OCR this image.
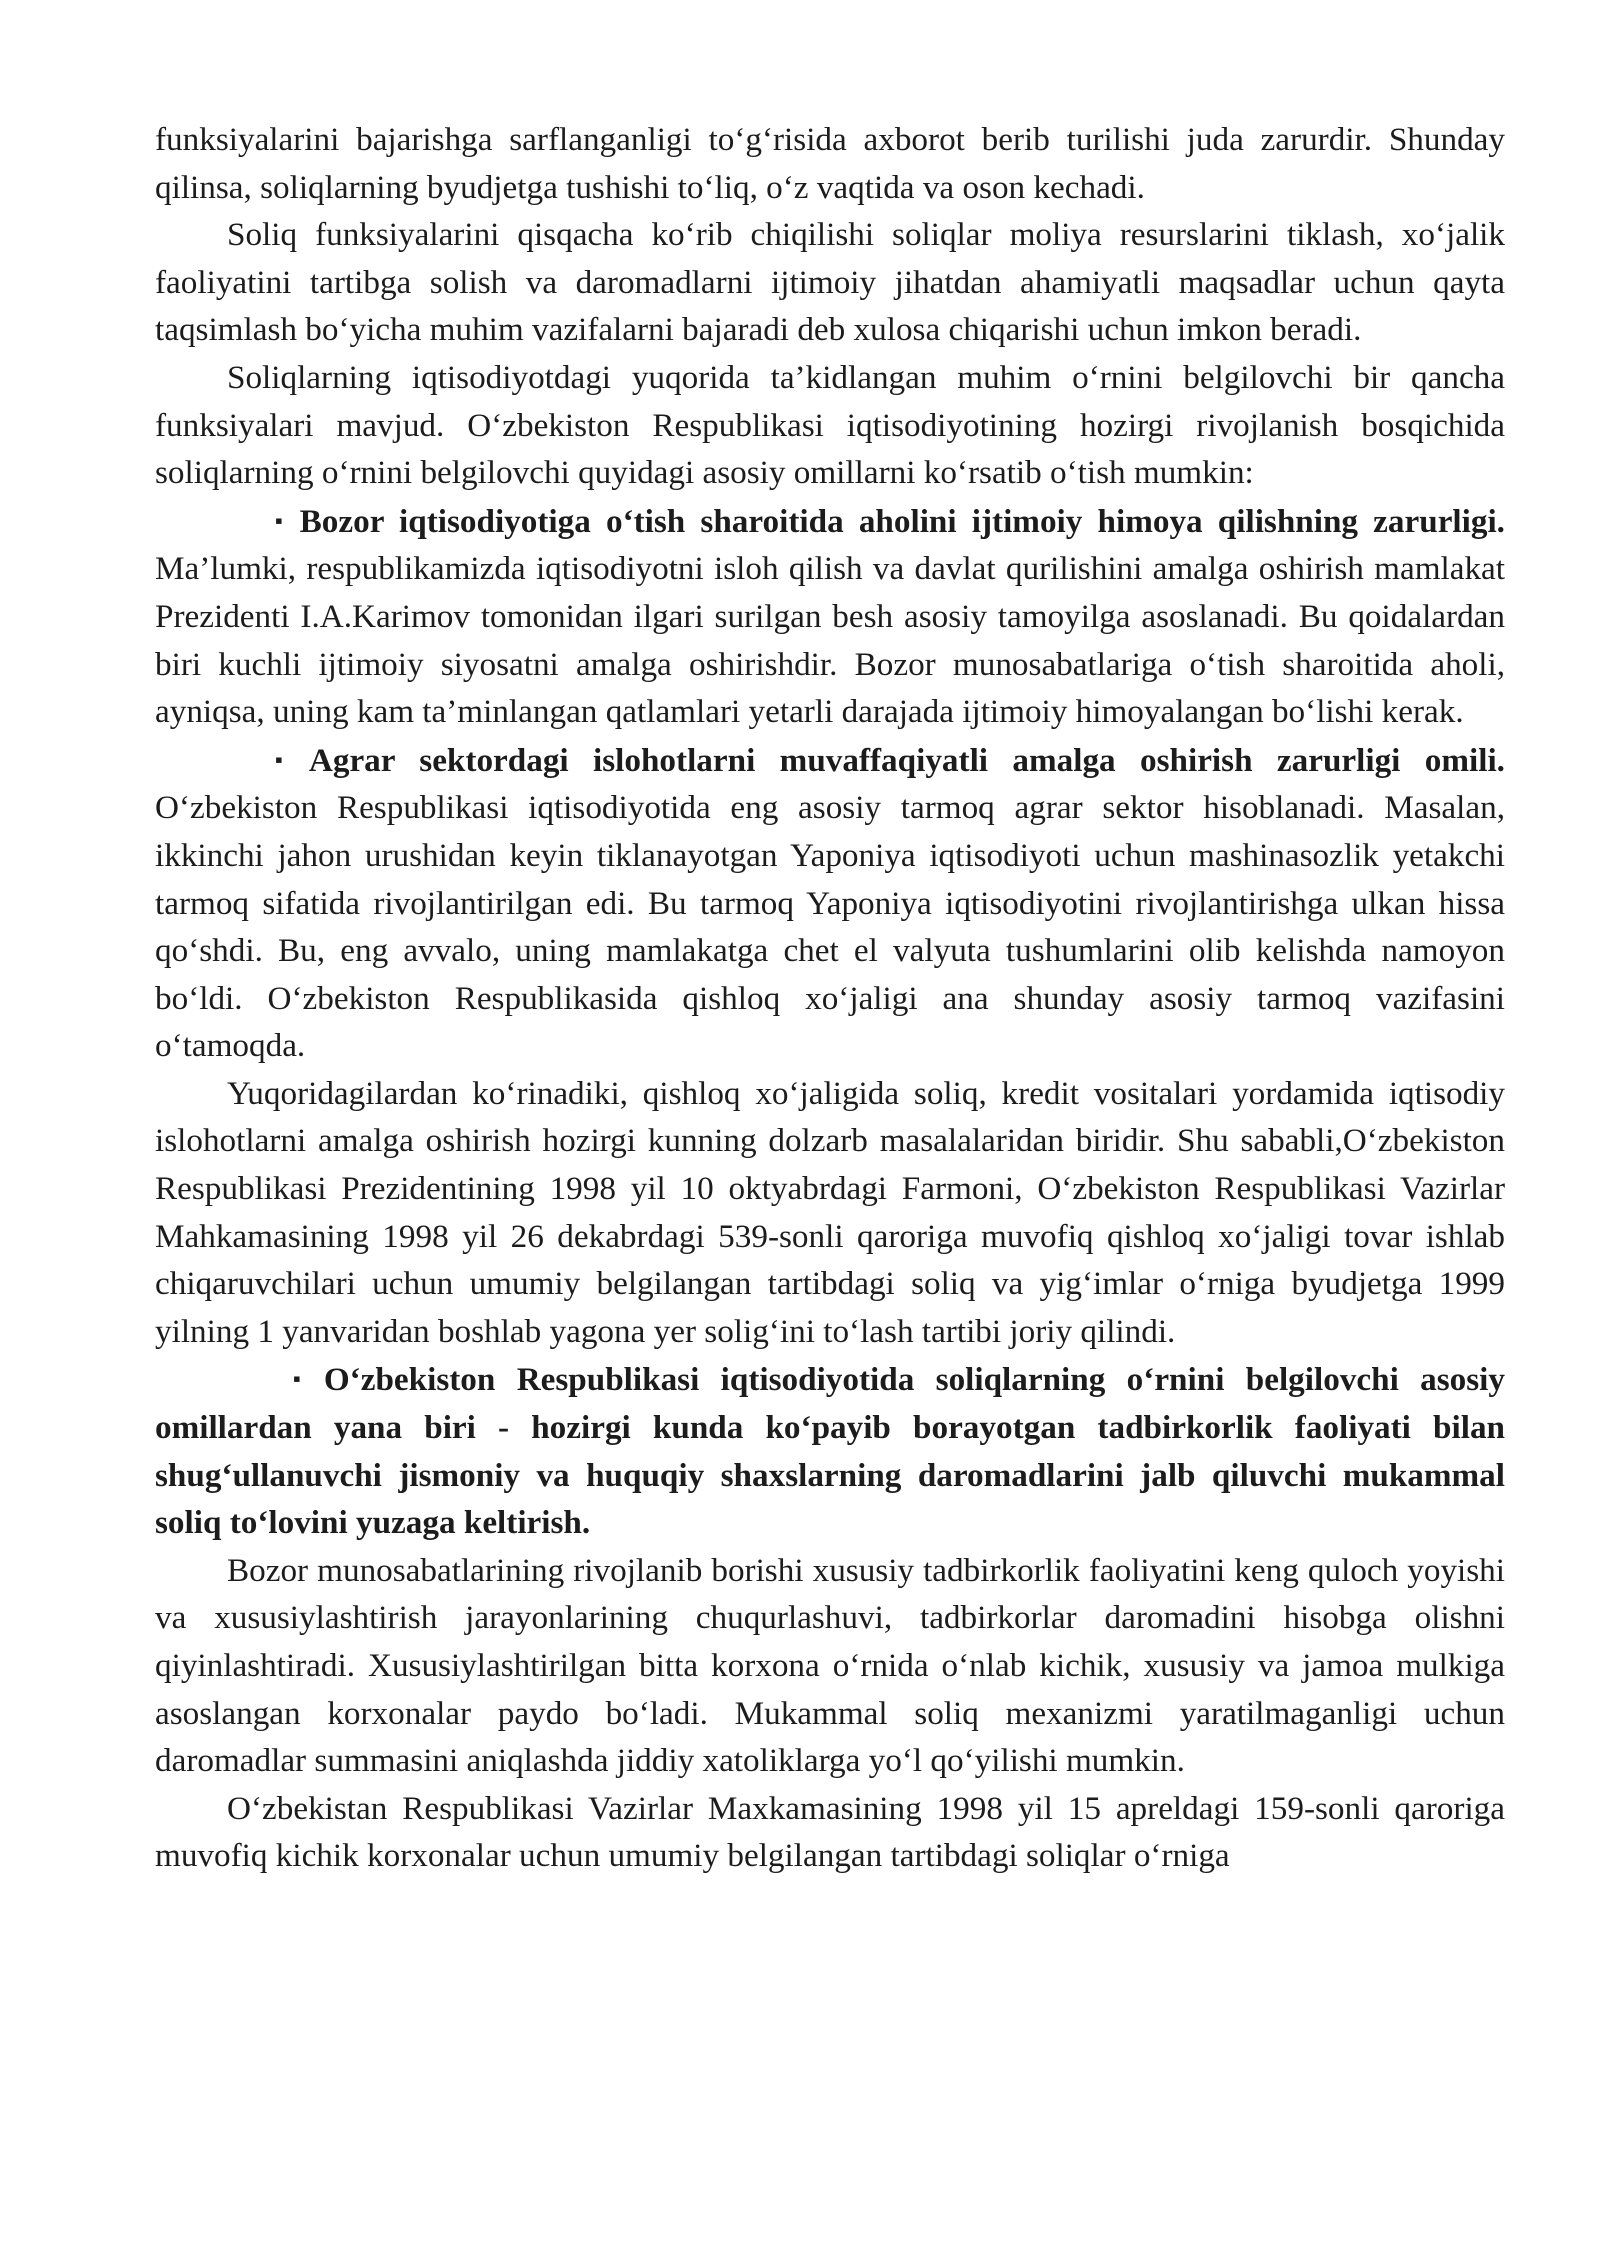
funksiyalarini bajarishga sarflanganligi to‘g‘risida axborot berib turilishi juda zarurdir. Shunday qilinsa, soliqlarning byudjetga tushishi to‘liq, o‘z vaqtida va oson kechadi.

Soliq funksiyalarini qisqacha ko‘rib chiqilishi soliqlar moliya resurslarini tiklash, xo‘jalik faoliyatini tartibga solish va daromadlarni ijtimoiy jihatdan ahamiyatli maqsadlar uchun qayta taqsimlash bo‘yicha muhim vazifalarni bajaradi deb xulosa chiqarishi uchun imkon beradi.

Soliqlarning iqtisodiyotdagi yuqorida ta’kidlangan muhim o‘rnini belgilovchi bir qancha funksiyalari mavjud. O‘zbekiston Respublikasi iqtisodiyotining hozirgi rivojlanish bosqichida soliqlarning o‘rnini belgilovchi quyidagi asosiy omillarni ko‘rsatib o‘tish mumkin:

▪ Bozor iqtisodiyotiga o‘tish sharoitida aholini ijtimoiy himoya qilishning zarurligi. Ma’lumki, respublikamizda iqtisodiyotni isloh qilish va davlat qurilishini amalga oshirish mamlakat Prezidenti I.A.Karimov tomonidan ilgari surilgan besh asosiy tamoyilga asoslanadi. Bu qoidalardan biri kuchli ijtimoiy siyosatni amalga oshirishdir. Bozor munosabatlariga o‘tish sharoitida aholi, ayniqsa, uning kam ta’minlangan qatlamlari yetarli darajada ijtimoiy himoyalangan bo‘lishi kerak.

▪ Agrar sektordagi islohotlarni muvaffaqiyatli amalga oshirish zarurligi omili. O‘zbekiston Respublikasi iqtisodiyotida eng asosiy tarmoq agrar sektor hisoblanadi. Masalan, ikkinchi jahon urushidan keyin tiklanayotgan Yaponiya iqtisodiyoti uchun mashinasozlik yetakchi tarmoq sifatida rivojlantirilgan edi. Bu tarmoq Yaponiya iqtisodiyotini rivojlantirishga ulkan hissa qo‘shdi. Bu, eng avvalo, uning mamlakatga chet el valyuta tushumlarini olib kelishda namoyon bo‘ldi. O‘zbekiston Respublikasida qishloq xo‘jaligi ana shunday asosiy tarmoq vazifasini o‘tamoqda.

Yuqoridagilardan ko‘rinadiki, qishloq xo‘jaligida soliq, kredit vositalari yordamida iqtisodiy islohotlarni amalga oshirish hozirgi kunning dolzarb masalalaridan biridir. Shu sababli,O‘zbekiston Respublikasi Prezidentining 1998 yil 10 oktyabrdagi Farmoni, O‘zbekiston Respublikasi Vazirlar Mahkamasining 1998 yil 26 dekabrdagi 539-sonli qaroriga muvofiq qishloq xo‘jaligi tovar ishlab chiqaruvchilari uchun umumiy belgilangan tartibdagi soliq va yig‘imlar o‘rniga byudjetga 1999 yilning 1 yanvaridan boshlab yagona yer solig‘ini to‘lash tartibi joriy qilindi.

▪ O‘zbekiston Respublikasi iqtisodiyotida soliqlarning o‘rnini belgilovchi asosiy omillardan yana biri - hozirgi kunda ko‘payib borayotgan tadbirkorlik faoliyati bilan shug‘ullanuvchi jismoniy va huquqiy shaxslarning daromadlarini jalb qiluvchi mukammal soliq to‘lovini yuzaga keltirish.

Bozor munosabatlarining rivojlanib borishi xususiy tadbirkorlik faoliyatini keng quloch yoyishi va xususiylashtirish jarayonlarining chuqurlashuvi, tadbirkorlar daromadini hisobga olishni qiyinlashtiradi. Xususiylashtirilgan bitta korxona o‘rnida o‘nlab kichik, xususiy va jamoa mulkiga asoslangan korxonalar paydo bo‘ladi. Mukammal soliq mexanizmi yaratilmaganligi uchun daromadlar summasini aniqlashda jiddiy xatoliklarga yo‘l qo‘yilishi mumkin.

O‘zbekistan Respublikasi Vazirlar Maxkamasining 1998 yil 15 apreldagi 159-sonli qaroriga muvofiq kichik korxonalar uchun umumiy belgilangan tartibdagi soliqlar o‘rniga
